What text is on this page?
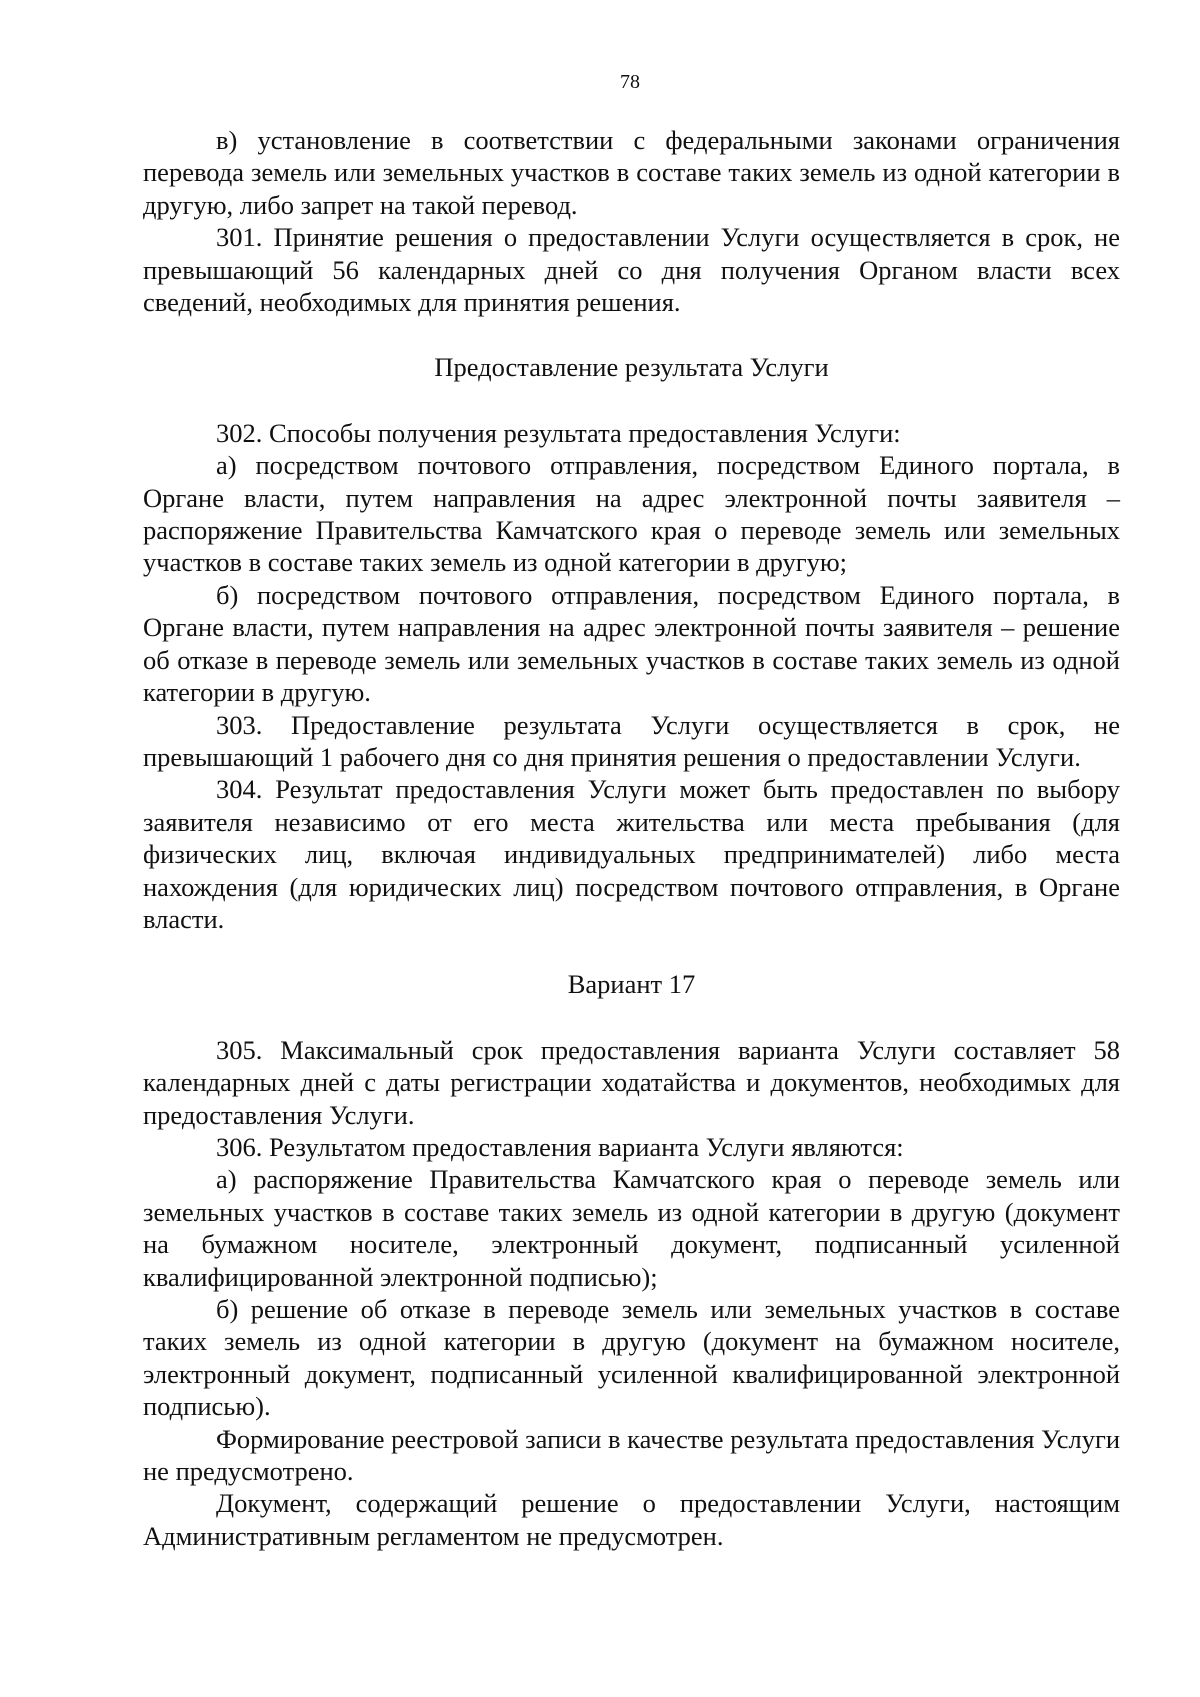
78

в) установление в соответствии с федеральными законами ограничения перевода земель или земельных участков в составе таких земель из одной категории в другую, либо запрет на такой перевод.

301. Принятие решения о предоставлении Услуги осуществляется в срок, не превышающий 56 календарных дней со дня получения Органом власти всех сведений, необходимых для принятия решения.

Предоставление результата Услуги

302. Способы получения результата предоставления Услуги:

а) посредством почтового отправления, посредством Единого портала, в Органе власти, путем направления на адрес электронной почты заявителя – распоряжение Правительства Камчатского края о переводе земель или земельных участков в составе таких земель из одной категории в другую;

б) посредством почтового отправления, посредством Единого портала, в Органе власти, путем направления на адрес электронной почты заявителя – решение об отказе в переводе земель или земельных участков в составе таких земель из одной категории в другую.

303. Предоставление результата Услуги осуществляется в срок, не превышающий 1 рабочего дня со дня принятия решения о предоставлении Услуги.

304. Результат предоставления Услуги может быть предоставлен по выбору заявителя независимо от его места жительства или места пребывания (для физических лиц, включая индивидуальных предпринимателей) либо места нахождения (для юридических лиц) посредством почтового отправления, в Органе власти.

Вариант 17

305. Максимальный срок предоставления варианта Услуги составляет 58 календарных дней с даты регистрации ходатайства и документов, необходимых для предоставления Услуги.

306. Результатом предоставления варианта Услуги являются:

а) распоряжение Правительства Камчатского края о переводе земель или земельных участков в составе таких земель из одной категории в другую (документ на бумажном носителе, электронный документ, подписанный усиленной квалифицированной электронной подписью);

б) решение об отказе в переводе земель или земельных участков в составе таких земель из одной категории в другую (документ на бумажном носителе, электронный документ, подписанный усиленной квалифицированной электронной подписью).

Формирование реестровой записи в качестве результата предоставления Услуги не предусмотрено.

Документ, содержащий решение о предоставлении Услуги, настоящим Административным регламентом не предусмотрен.
